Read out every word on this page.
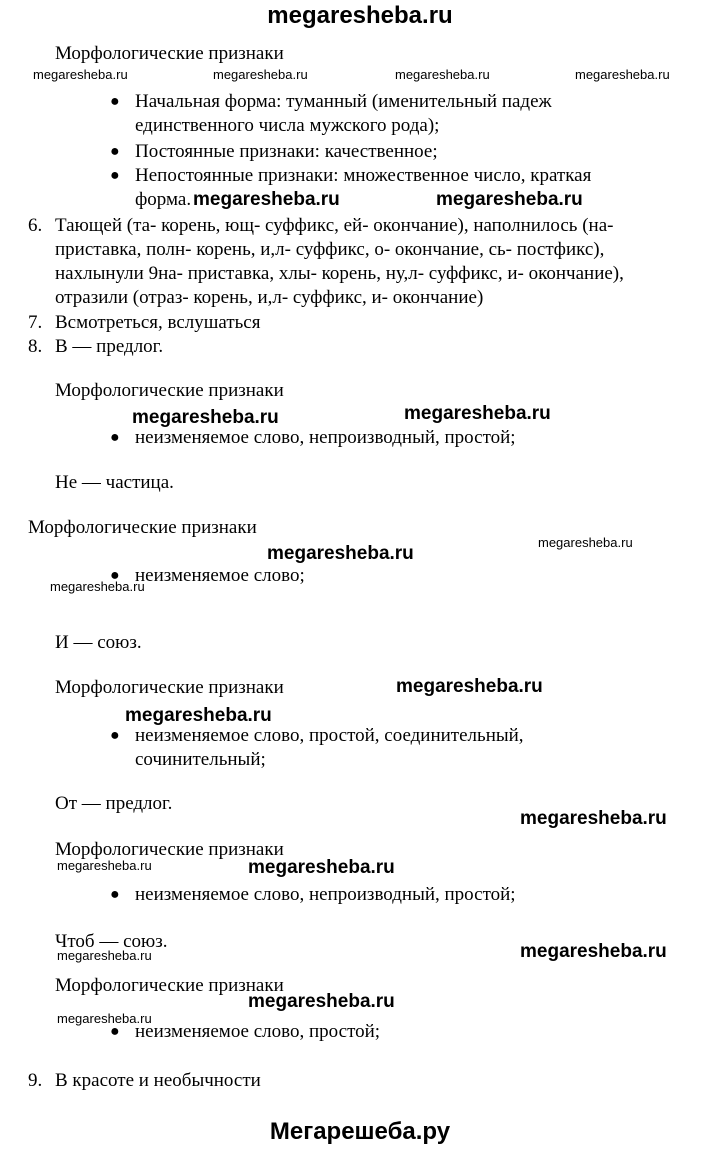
megaresheba.ru
Морфологические признаки
megaresheba.ru	megaresheba.ru	megaresheba.ru	megaresheba.ru
● Начальная форма: туманный (именительный падеж
единственного числа мужского рода);
● Постоянные признаки: качественное;
● Непостоянные признаки: множественное число, краткая
форма. megaresheba.ru	megaresheba.ru
6. Тающей (та- корень, ющ- суффикс, ей- окончание), наполнилось (на-
приставка, полн- корень, и,л- суффикс, о- окончание, сь- постфикс),
нахлынули 9на- приставка, хлы- корень, ну,л- суффикс, и- окончание),
отразили (отраз- корень, и,л- суффикс, и- окончание)
7. Всмотреться, вслушаться
8. В — предлог.
Морфологические признаки
megaresheba.ru	megaresheba.ru
● неизменяемое слово, непроизводный, простой;
Не — частица.
Морфологические признаки
megaresheba.ru
megaresheba.ru
● неизменяемое слово;
megaresheba.ru
И — союз.
Морфологические признаки	megaresheba.ru
megaresheba.ru
● неизменяемое слово, простой, соединительный,
сочинительный;
От — предлог.
megaresheba.ru
Морфологические признаки
megaresheba.ru	megaresheba.ru
● неизменяемое слово, непроизводный, простой;
Чтоб — союз.
megaresheba.ru	megaresheba.ru
Морфологические признаки
megaresheba.ru
megaresheba.ru
● неизменяемое слово, простой;
9. В красоте и необычности
Мегарешеба.ру
